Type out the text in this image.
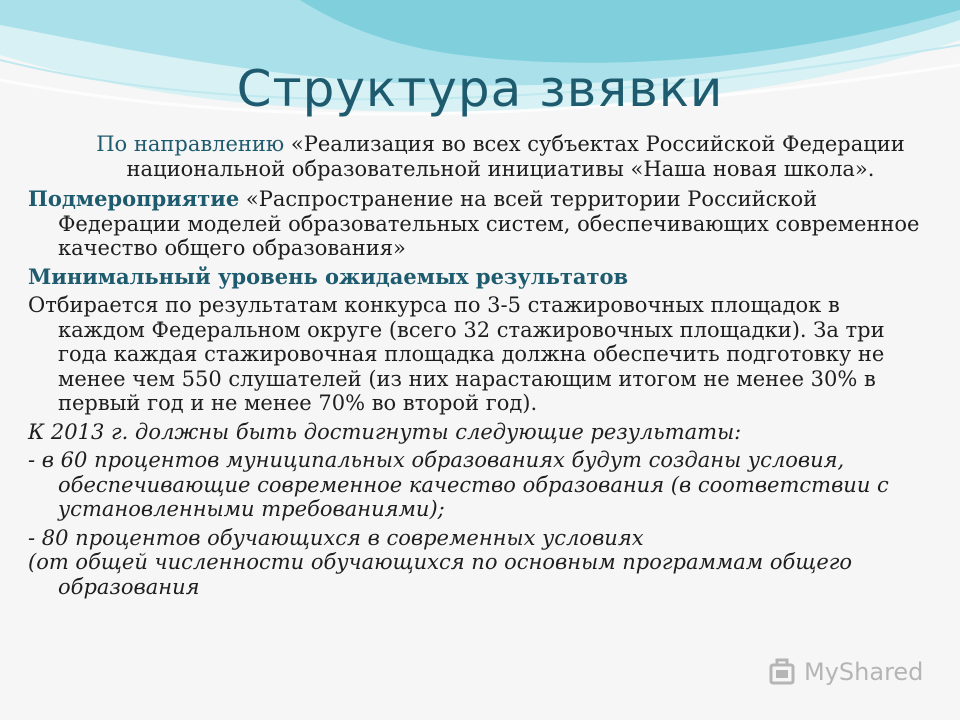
Структура звявки

По направлению «Реализация во всех субъектах Российской Федерации национальной образовательной инициативы «Наша новая школа».

Подмероприятие «Распространение на всей территории Российской Федерации моделей образовательных систем, обеспечивающих современное качество общего образования»

Минимальный уровень ожидаемых результатов

Отбирается по результатам конкурса по 3-5 стажировочных площадок в каждом Федеральном округе (всего 32 стажировочных площадки). За три года каждая стажировочная площадка должна обеспечить подготовку не менее чем 550 слушателей (из них нарастающим итогом не менее 30% в первый год и не менее 70% во второй год).

К 2013 г. должны быть достигнуты следующие результаты:

- в 60 процентов муниципальных образованиях будут созданы условия, обеспечивающие современное качество образования (в соответствии с установленными требованиями);

- 80 процентов обучающихся в современных условиях

(от общей численности обучающихся по основным программам общего образования

MyShared
